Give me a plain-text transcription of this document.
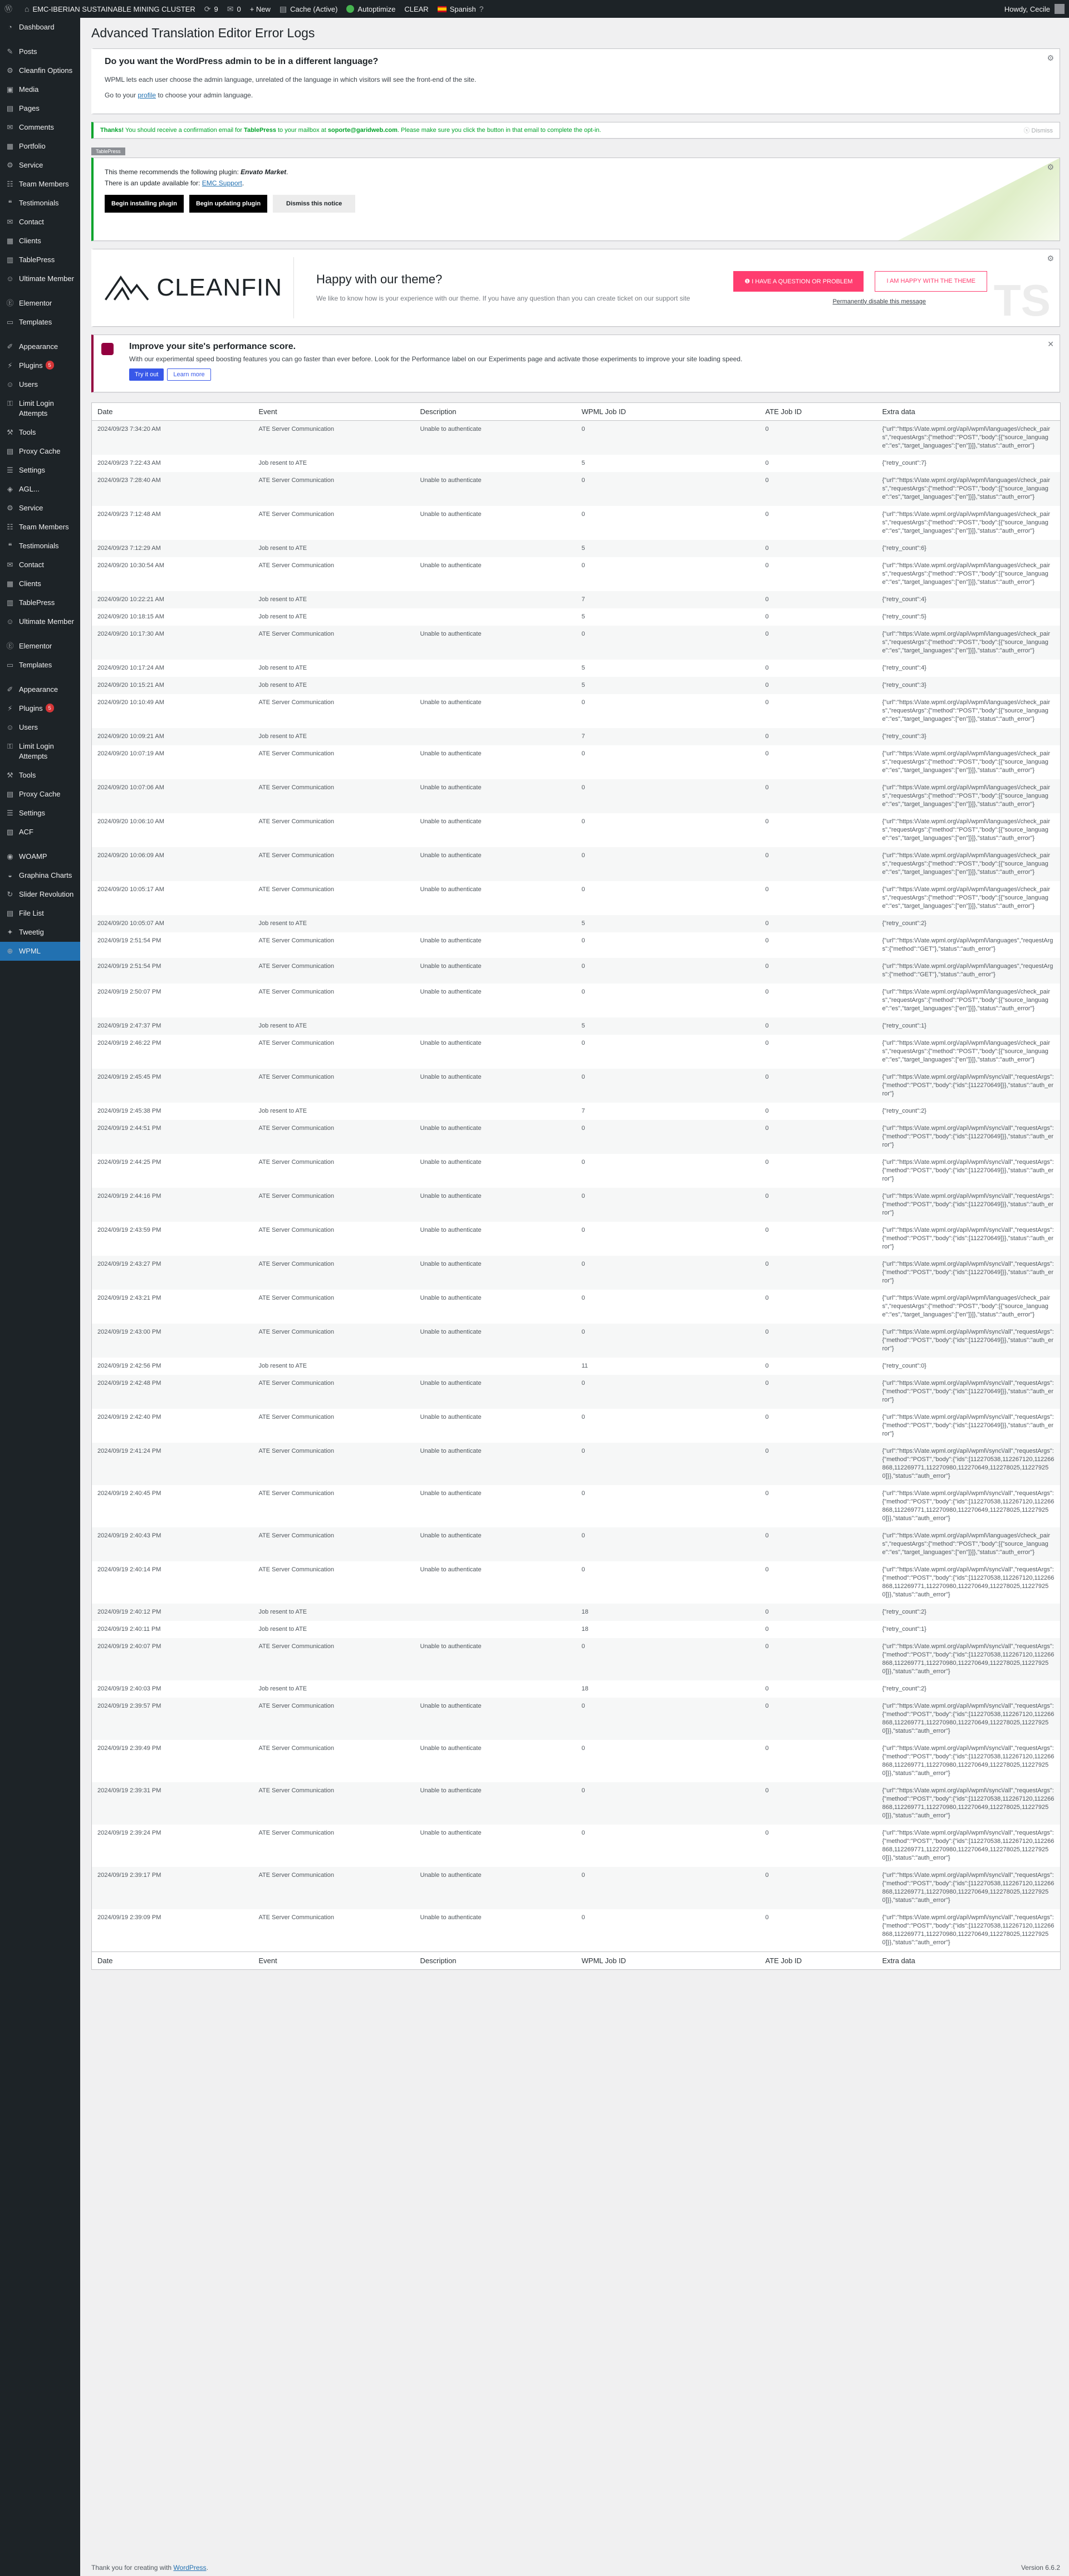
Ⓦ ⌂ EMC-IBERIAN SUSTAINABLE MINING CLUSTER ⟳ 9 ✉ 0 + New ▤ Cache (Active)	Autoptimize CLEAR	Spanish ?	Howdy, Cecile
◔ Dashboard
✎ Posts
⚙ Cleanfin Options
▣ Media
▤ Pages
✉ Comments
▦ Portfolio
⚙ Service
☷ Team Members
❝ Testimonials
✉ Contact
▦ Clients
▥ TablePress
☺ Ultimate Member
Ⓔ Elementor
▭ Templates
✐ Appearance
⚡ Plugins	5
☺ Users
⚿ Limit Login Attempts
⚒ Tools
▤ Proxy Cache
☰ Settings
◈ AGL...
⚙ Service
☷ Team Members
❝ Testimonials
✉ Contact
▦ Clients
▥ TablePress
☺ Ultimate Member
Ⓔ Elementor
▭ Templates
✐ Appearance
⚡ Plugins	5
☺ Users
⚿ Limit Login Attempts
⚒ Tools
▤ Proxy Cache
☰ Settings
▧ ACF
◉ WOAMP
◒ Graphina Charts
↻ Slider Revolution
▤ File List
✦ Tweetig
⊕ WPML
Advanced Translation Editor Error Logs
⚙
Do you want the WordPress admin to be in a different language?

WPML lets each user choose the admin language, unrelated of the language in which visitors will see the front-end of the site.

Go to your profile to choose your admin language.

Thanks! You should receive a confirmation email for TablePress to your mailbox at soporte@garidweb.com. Please make sure you click the button in that email to complete the opt-in.	ⓧ Dismiss
TablePress
⚙

This theme recommends the following plugin: Envato Market.

There is an update available for: EMC Support.

Begin installing plugin	Begin updating plugin	Dismiss this notice
⚙
CLEANFIN	Happy with our theme?

We like to know how is your experience with our theme. If you have any question than you can create ticket on our support site

❶ I HAVE A QUESTION OR PROBLEM	I AM HAPPY WITH THE THEME
Permanently disable this message TS
✕
Improve your site's performance score.

With our experimental speed boosting features you can go faster than ever before. Look for the Performance label on our Experiments page and activate those experiments to improve your site loading speed.

Try it out Learn more
Date	Event	Description	WPML Job ID	ATE Job ID	Extra data
2024/09/23 7:34:20 AM	ATE Server Communication	Unable to authenticate	0	0	{"url":"https:\/\/ate.wpml.org\/api\/wpml\/languages\/check_pairs","requestArgs":{"method":"POST","body":[{"source_language":"es","target_languages":["en"]}]},"status":"auth_error"}
2024/09/23 7:22:43 AM	Job resent to ATE		5	0	{"retry_count":7}
2024/09/23 7:28:40 AM	ATE Server Communication	Unable to authenticate	0	0	{"url":"https:\/\/ate.wpml.org\/api\/wpml\/languages\/check_pairs","requestArgs":{"method":"POST","body":[{"source_language":"es","target_languages":["en"]}]},"status":"auth_error"}
2024/09/23 7:12:48 AM	ATE Server Communication	Unable to authenticate	0	0	{"url":"https:\/\/ate.wpml.org\/api\/wpml\/languages\/check_pairs","requestArgs":{"method":"POST","body":[{"source_language":"es","target_languages":["en"]}]},"status":"auth_error"}
2024/09/23 7:12:29 AM	Job resent to ATE		5	0	{"retry_count":6}
2024/09/20 10:30:54 AM	ATE Server Communication	Unable to authenticate	0	0	{"url":"https:\/\/ate.wpml.org\/api\/wpml\/languages\/check_pairs","requestArgs":{"method":"POST","body":[{"source_language":"es","target_languages":["en"]}]},"status":"auth_error"}
2024/09/20 10:22:21 AM	Job resent to ATE		7	0	{"retry_count":4}
2024/09/20 10:18:15 AM	Job resent to ATE		5	0	{"retry_count":5}
2024/09/20 10:17:30 AM	ATE Server Communication	Unable to authenticate	0	0	{"url":"https:\/\/ate.wpml.org\/api\/wpml\/languages\/check_pairs","requestArgs":{"method":"POST","body":[{"source_language":"es","target_languages":["en"]}]},"status":"auth_error"}
2024/09/20 10:17:24 AM	Job resent to ATE		5	0	{"retry_count":4}
2024/09/20 10:15:21 AM	Job resent to ATE		5	0	{"retry_count":3}
2024/09/20 10:10:49 AM	ATE Server Communication	Unable to authenticate	0	0	{"url":"https:\/\/ate.wpml.org\/api\/wpml\/languages\/check_pairs","requestArgs":{"method":"POST","body":[{"source_language":"es","target_languages":["en"]}]},"status":"auth_error"}
2024/09/20 10:09:21 AM	Job resent to ATE		7	0	{"retry_count":3}
2024/09/20 10:07:19 AM	ATE Server Communication	Unable to authenticate	0	0	{"url":"https:\/\/ate.wpml.org\/api\/wpml\/languages\/check_pairs","requestArgs":{"method":"POST","body":[{"source_language":"es","target_languages":["en"]}]},"status":"auth_error"}
2024/09/20 10:07:06 AM	ATE Server Communication	Unable to authenticate	0	0	{"url":"https:\/\/ate.wpml.org\/api\/wpml\/languages\/check_pairs","requestArgs":{"method":"POST","body":[{"source_language":"es","target_languages":["en"]}]},"status":"auth_error"}
2024/09/20 10:06:10 AM	ATE Server Communication	Unable to authenticate	0	0	{"url":"https:\/\/ate.wpml.org\/api\/wpml\/languages\/check_pairs","requestArgs":{"method":"POST","body":[{"source_language":"es","target_languages":["en"]}]},"status":"auth_error"}
2024/09/20 10:06:09 AM	ATE Server Communication	Unable to authenticate	0	0	{"url":"https:\/\/ate.wpml.org\/api\/wpml\/languages\/check_pairs","requestArgs":{"method":"POST","body":[{"source_language":"es","target_languages":["en"]}]},"status":"auth_error"}
2024/09/20 10:05:17 AM	ATE Server Communication	Unable to authenticate	0	0	{"url":"https:\/\/ate.wpml.org\/api\/wpml\/languages\/check_pairs","requestArgs":{"method":"POST","body":[{"source_language":"es","target_languages":["en"]}]},"status":"auth_error"}
2024/09/20 10:05:07 AM	Job resent to ATE		5	0	{"retry_count":2}
2024/09/19 2:51:54 PM	ATE Server Communication	Unable to authenticate	0	0	{"url":"https:\/\/ate.wpml.org\/api\/wpml\/languages","requestArgs":{"method":"GET"},"status":"auth_error"}
2024/09/19 2:51:54 PM	ATE Server Communication	Unable to authenticate	0	0	{"url":"https:\/\/ate.wpml.org\/api\/wpml\/languages","requestArgs":{"method":"GET"},"status":"auth_error"}
2024/09/19 2:50:07 PM	ATE Server Communication	Unable to authenticate	0	0	{"url":"https:\/\/ate.wpml.org\/api\/wpml\/languages\/check_pairs","requestArgs":{"method":"POST","body":[{"source_language":"es","target_languages":["en"]}]},"status":"auth_error"}
2024/09/19 2:47:37 PM	Job resent to ATE		5	0	{"retry_count":1}
2024/09/19 2:46:22 PM	ATE Server Communication	Unable to authenticate	0	0	{"url":"https:\/\/ate.wpml.org\/api\/wpml\/languages\/check_pairs","requestArgs":{"method":"POST","body":[{"source_language":"es","target_languages":["en"]}]},"status":"auth_error"}
2024/09/19 2:45:45 PM	ATE Server Communication	Unable to authenticate	0	0	{"url":"https:\/\/ate.wpml.org\/api\/wpml\/sync\/all","requestArgs":{"method":"POST","body":{"ids":[112270649]}},"status":"auth_error"}
2024/09/19 2:45:38 PM	Job resent to ATE		7	0	{"retry_count":2}
2024/09/19 2:44:51 PM	ATE Server Communication	Unable to authenticate	0	0	{"url":"https:\/\/ate.wpml.org\/api\/wpml\/sync\/all","requestArgs":{"method":"POST","body":{"ids":[112270649]}},"status":"auth_error"}
2024/09/19 2:44:25 PM	ATE Server Communication	Unable to authenticate	0	0	{"url":"https:\/\/ate.wpml.org\/api\/wpml\/sync\/all","requestArgs":{"method":"POST","body":{"ids":[112270649]}},"status":"auth_error"}
2024/09/19 2:44:16 PM	ATE Server Communication	Unable to authenticate	0	0	{"url":"https:\/\/ate.wpml.org\/api\/wpml\/sync\/all","requestArgs":{"method":"POST","body":{"ids":[112270649]}},"status":"auth_error"}
2024/09/19 2:43:59 PM	ATE Server Communication	Unable to authenticate	0	0	{"url":"https:\/\/ate.wpml.org\/api\/wpml\/sync\/all","requestArgs":{"method":"POST","body":{"ids":[112270649]}},"status":"auth_error"}
2024/09/19 2:43:27 PM	ATE Server Communication	Unable to authenticate	0	0	{"url":"https:\/\/ate.wpml.org\/api\/wpml\/sync\/all","requestArgs":{"method":"POST","body":{"ids":[112270649]}},"status":"auth_error"}
2024/09/19 2:43:21 PM	ATE Server Communication	Unable to authenticate	0	0	{"url":"https:\/\/ate.wpml.org\/api\/wpml\/languages\/check_pairs","requestArgs":{"method":"POST","body":[{"source_language":"es","target_languages":["en"]}]},"status":"auth_error"}
2024/09/19 2:43:00 PM	ATE Server Communication	Unable to authenticate	0	0	{"url":"https:\/\/ate.wpml.org\/api\/wpml\/sync\/all","requestArgs":{"method":"POST","body":{"ids":[112270649]}},"status":"auth_error"}
2024/09/19 2:42:56 PM	Job resent to ATE		11	0	{"retry_count":0}
2024/09/19 2:42:48 PM	ATE Server Communication	Unable to authenticate	0	0	{"url":"https:\/\/ate.wpml.org\/api\/wpml\/sync\/all","requestArgs":{"method":"POST","body":{"ids":[112270649]}},"status":"auth_error"}
2024/09/19 2:42:40 PM	ATE Server Communication	Unable to authenticate	0	0	{"url":"https:\/\/ate.wpml.org\/api\/wpml\/sync\/all","requestArgs":{"method":"POST","body":{"ids":[112270649]}},"status":"auth_error"}
2024/09/19 2:41:24 PM	ATE Server Communication	Unable to authenticate	0	0	{"url":"https:\/\/ate.wpml.org\/api\/wpml\/sync\/all","requestArgs":{"method":"POST","body":{"ids":[112270538,112267120,112266868,112269771,112270980,112270649,112278025,112279250]}},"status":"auth_error"}
2024/09/19 2:40:45 PM	ATE Server Communication	Unable to authenticate	0	0	{"url":"https:\/\/ate.wpml.org\/api\/wpml\/sync\/all","requestArgs":{"method":"POST","body":{"ids":[112270538,112267120,112266868,112269771,112270980,112270649,112278025,112279250]}},"status":"auth_error"}
2024/09/19 2:40:43 PM	ATE Server Communication	Unable to authenticate	0	0	{"url":"https:\/\/ate.wpml.org\/api\/wpml\/languages\/check_pairs","requestArgs":{"method":"POST","body":[{"source_language":"es","target_languages":["en"]}]},"status":"auth_error"}
2024/09/19 2:40:14 PM	ATE Server Communication	Unable to authenticate	0	0	{"url":"https:\/\/ate.wpml.org\/api\/wpml\/sync\/all","requestArgs":{"method":"POST","body":{"ids":[112270538,112267120,112266868,112269771,112270980,112270649,112278025,112279250]}},"status":"auth_error"}
2024/09/19 2:40:12 PM	Job resent to ATE		18	0	{"retry_count":2}
2024/09/19 2:40:11 PM	Job resent to ATE		18	0	{"retry_count":1}
2024/09/19 2:40:07 PM	ATE Server Communication	Unable to authenticate	0	0	{"url":"https:\/\/ate.wpml.org\/api\/wpml\/sync\/all","requestArgs":{"method":"POST","body":{"ids":[112270538,112267120,112266868,112269771,112270980,112270649,112278025,112279250]}},"status":"auth_error"}
2024/09/19 2:40:03 PM	Job resent to ATE		18	0	{"retry_count":2}
2024/09/19 2:39:57 PM	ATE Server Communication	Unable to authenticate	0	0	{"url":"https:\/\/ate.wpml.org\/api\/wpml\/sync\/all","requestArgs":{"method":"POST","body":{"ids":[112270538,112267120,112266868,112269771,112270980,112270649,112278025,112279250]}},"status":"auth_error"}
2024/09/19 2:39:49 PM	ATE Server Communication	Unable to authenticate	0	0	{"url":"https:\/\/ate.wpml.org\/api\/wpml\/sync\/all","requestArgs":{"method":"POST","body":{"ids":[112270538,112267120,112266868,112269771,112270980,112270649,112278025,112279250]}},"status":"auth_error"}
2024/09/19 2:39:31 PM	ATE Server Communication	Unable to authenticate	0	0	{"url":"https:\/\/ate.wpml.org\/api\/wpml\/sync\/all","requestArgs":{"method":"POST","body":{"ids":[112270538,112267120,112266868,112269771,112270980,112270649,112278025,112279250]}},"status":"auth_error"}
2024/09/19 2:39:24 PM	ATE Server Communication	Unable to authenticate	0	0	{"url":"https:\/\/ate.wpml.org\/api\/wpml\/sync\/all","requestArgs":{"method":"POST","body":{"ids":[112270538,112267120,112266868,112269771,112270980,112270649,112278025,112279250]}},"status":"auth_error"}
2024/09/19 2:39:17 PM	ATE Server Communication	Unable to authenticate	0	0	{"url":"https:\/\/ate.wpml.org\/api\/wpml\/sync\/all","requestArgs":{"method":"POST","body":{"ids":[112270538,112267120,112266868,112269771,112270980,112270649,112278025,112279250]}},"status":"auth_error"}
2024/09/19 2:39:09 PM	ATE Server Communication	Unable to authenticate	0	0	{"url":"https:\/\/ate.wpml.org\/api\/wpml\/sync\/all","requestArgs":{"method":"POST","body":{"ids":[112270538,112267120,112266868,112269771,112270980,112270649,112278025,112279250]}},"status":"auth_error"}
Date	Event	Description	WPML Job ID	ATE Job ID	Extra data
Thank you for creating with WordPress.	Version 6.6.2
